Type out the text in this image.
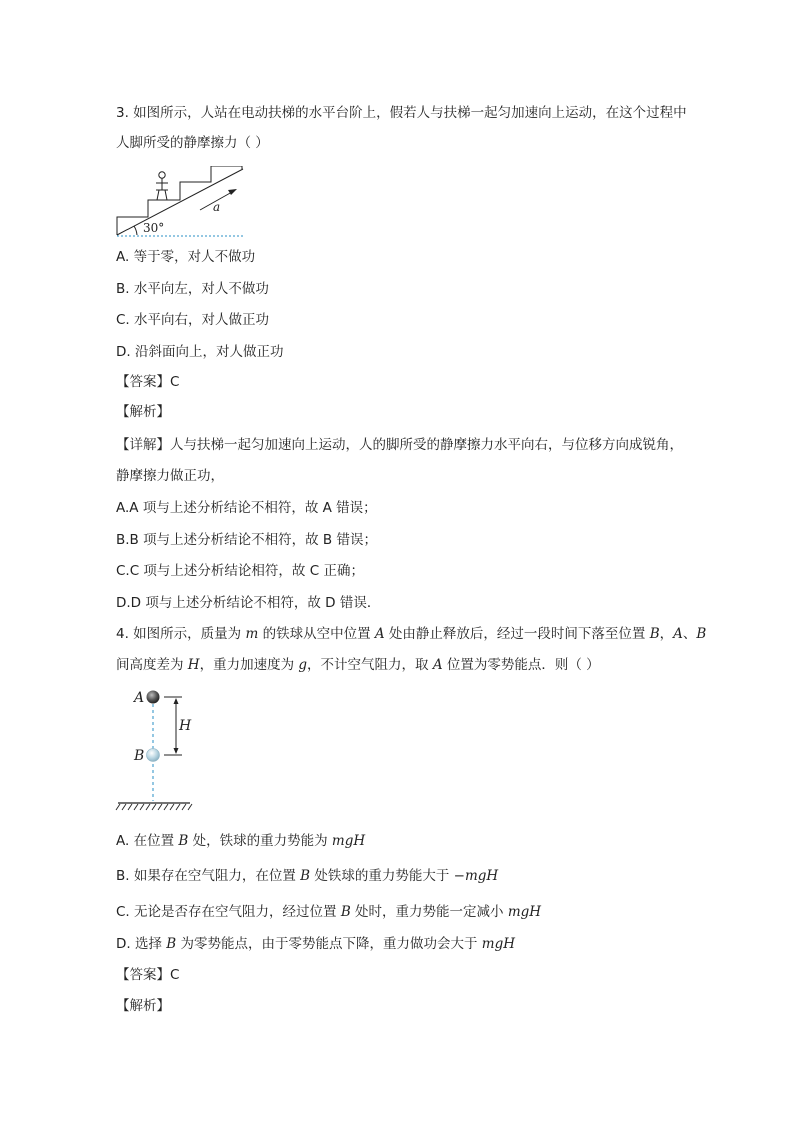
3. 如图所示，人站在电动扶梯的水平台阶上，假若人与扶梯一起匀加速向上运动，在这个过程中
人脚所受的静摩擦力（ ）
a
30°
A. 等于零，对人不做功
B. 水平向左，对人不做功
C. 水平向右，对人做正功
D. 沿斜面向上，对人做正功
【答案】C
【解析】
【详解】人与扶梯一起匀加速向上运动，人的脚所受的静摩擦力水平向右，与位移方向成锐角，
静摩擦力做正功，
A.A 项与上述分析结论不相符，故 A 错误；
B.B 项与上述分析结论不相符，故 B 错误；
C.C 项与上述分析结论相符，故 C 正确；
D.D 项与上述分析结论不相符，故 D 错误．
4. 如图所示，质量为 m 的铁球从空中位置 A 处由静止释放后，经过一段时间下落至位置 B，A、B
间高度差为 H，重力加速度为 g，不计空气阻力，取 A 位置为零势能点．则（ ）
A
B
H
A. 在位置 B 处，铁球的重力势能为 mgH
B. 如果存在空气阻力，在位置 B 处铁球的重力势能大于 −mgH
C. 无论是否存在空气阻力，经过位置 B 处时，重力势能一定减小 mgH
D. 选择 B 为零势能点，由于零势能点下降，重力做功会大于 mgH
【答案】C
【解析】
